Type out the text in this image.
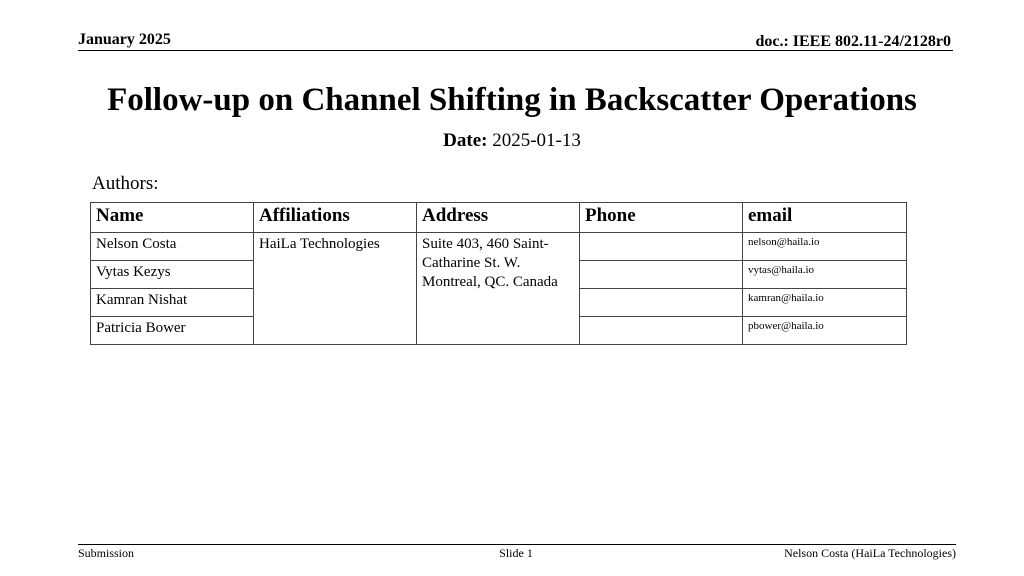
January 2025	doc.: IEEE 802.11-24/2128r0
Follow-up on Channel Shifting in Backscatter Operations
Date: 2025-01-13
Authors:
Name	Affiliations	Address	Phone	email
Nelson Costa	HaiLa Technologies	Suite 403, 460 Saint-Catharine St. W. Montreal, QC. Canada		nelson@haila.io
Vytas Kezys				vytas@haila.io
Kamran Nishat				kamran@haila.io
Patricia Bower				pbower@haila.io
Submission	Slide 1	Nelson Costa (HaiLa Technologies)
